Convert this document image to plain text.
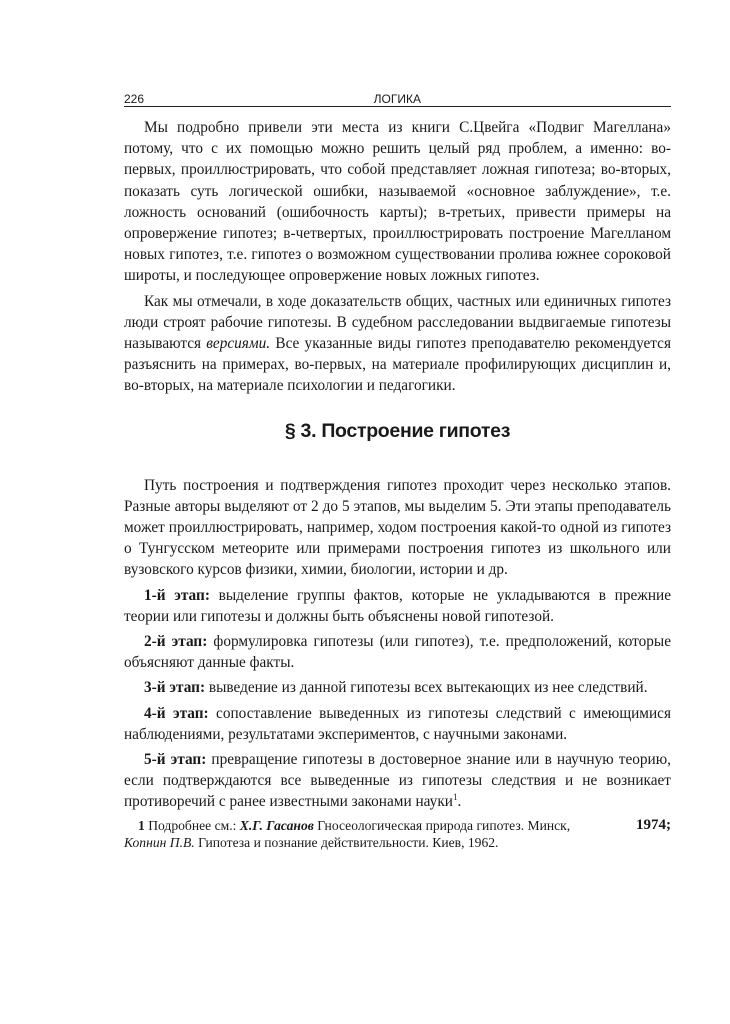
226	ЛОГИКА

Мы подробно привели эти места из книги С.Цвейга «Подвиг Магеллана» потому, что с их помощью можно решить целый ряд проблем, а именно: во-первых, проиллюстрировать, что собой представляет ложная гипотеза; во-вторых, показать суть логической ошибки, называемой «основное заблуждение», т.е. ложность оснований (ошибочность карты); в-третьих, привести примеры на опровержение гипотез; в-четвертых, проиллюстрировать построение Магелланом новых гипотез, т.е. гипотез о возможном существовании пролива южнее сороковой широты, и последующее опровержение новых ложных гипотез.

Как мы отмечали, в ходе доказательств общих, частных или единичных гипотез люди строят рабочие гипотезы. В судебном расследовании выдвигаемые гипотезы называются версиями. Все указанные виды гипотез преподавателю рекомендуется разъяснить на примерах, во-первых, на материале профилирующих дисциплин и, во-вторых, на материале психологии и педагогики.

§ 3. Построение гипотез

Путь построения и подтверждения гипотез проходит через несколько этапов. Разные авторы выделяют от 2 до 5 этапов, мы выделим 5. Эти этапы преподаватель может проиллюстрировать, например, ходом построения какой-то одной из гипотез о Тунгусском метеорите или примерами построения гипотез из школьного или вузовского курсов физики, химии, биологии, истории и др.

1-й этап: выделение группы фактов, которые не укладываются в прежние теории или гипотезы и должны быть объяснены новой гипотезой.

2-й этап: формулировка гипотезы (или гипотез), т.е. предположений, которые объясняют данные факты.

3-й этап: выведение из данной гипотезы всех вытекающих из нее следствий.

4-й этап: сопоставление выведенных из гипотезы следствий с имеющимися наблюдениями, результатами экспериментов, с научными законами.

5-й этап: превращение гипотезы в достоверное знание или в научную теорию, если подтверждаются все выведенные из гипотезы следствия и не возникает противоречий с ранее известными законами науки$^1$.

1974;
1 Подробнее см.: Х.Г. Гасанов Гносеологическая природа гипотез. Минск,
Копнин П.В. Гипотеза и познание действительности. Киев, 1962.
